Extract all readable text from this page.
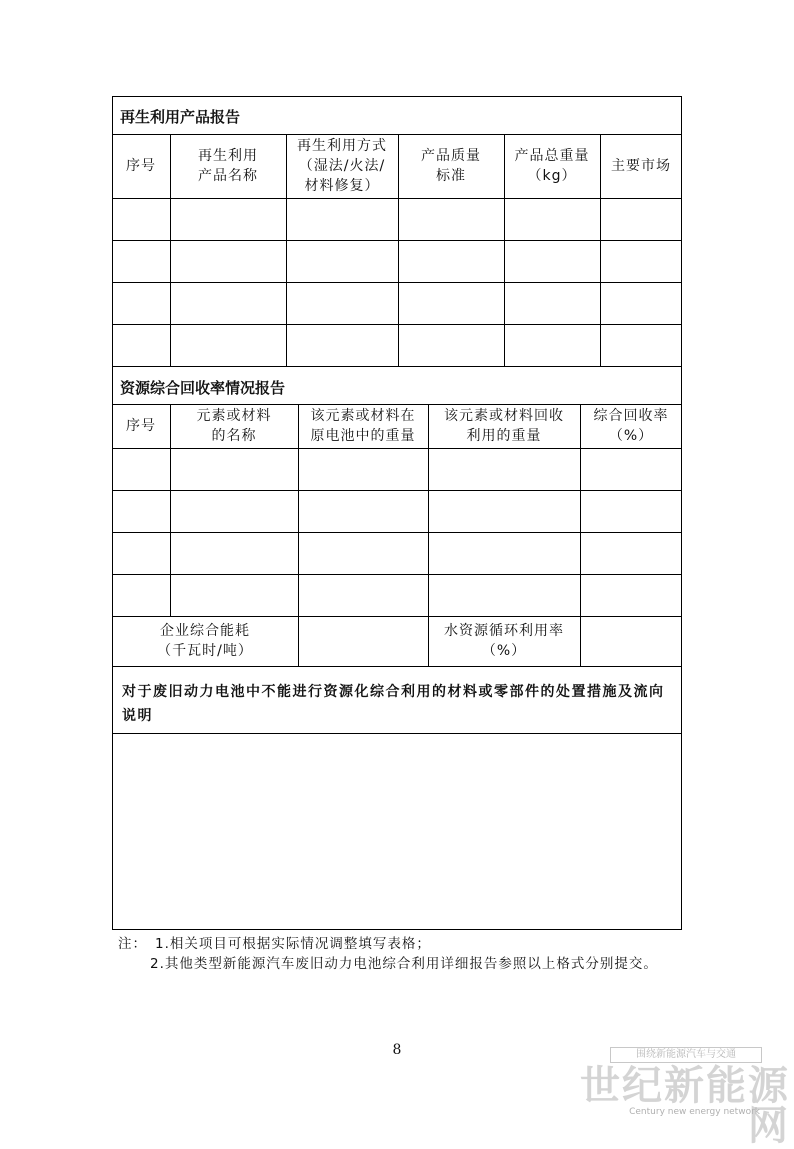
再生利用产品报告
序号
再生利用
产品名称
再生利用方式
（湿法/火法/
材料修复）
产品质量
标准
产品总重量
（kg）
主要市场
资源综合回收率情况报告
序号
元素或材料
的名称
该元素或材料在
原电池中的重量
该元素或材料回收
利用的重量
综合回收率
（%）
企业综合能耗
（千瓦时/吨）
水资源循环利用率
（%）
对于废旧动力电池中不能进行资源化综合利用的材料或零部件的处置措施及流向说明
注： 1.相关项目可根据实际情况调整填写表格；
2.其他类型新能源汽车废旧动力电池综合利用详细报告参照以上格式分别提交。
8	围绕新能源汽车与交通
世纪新能源网
Century new energy network
